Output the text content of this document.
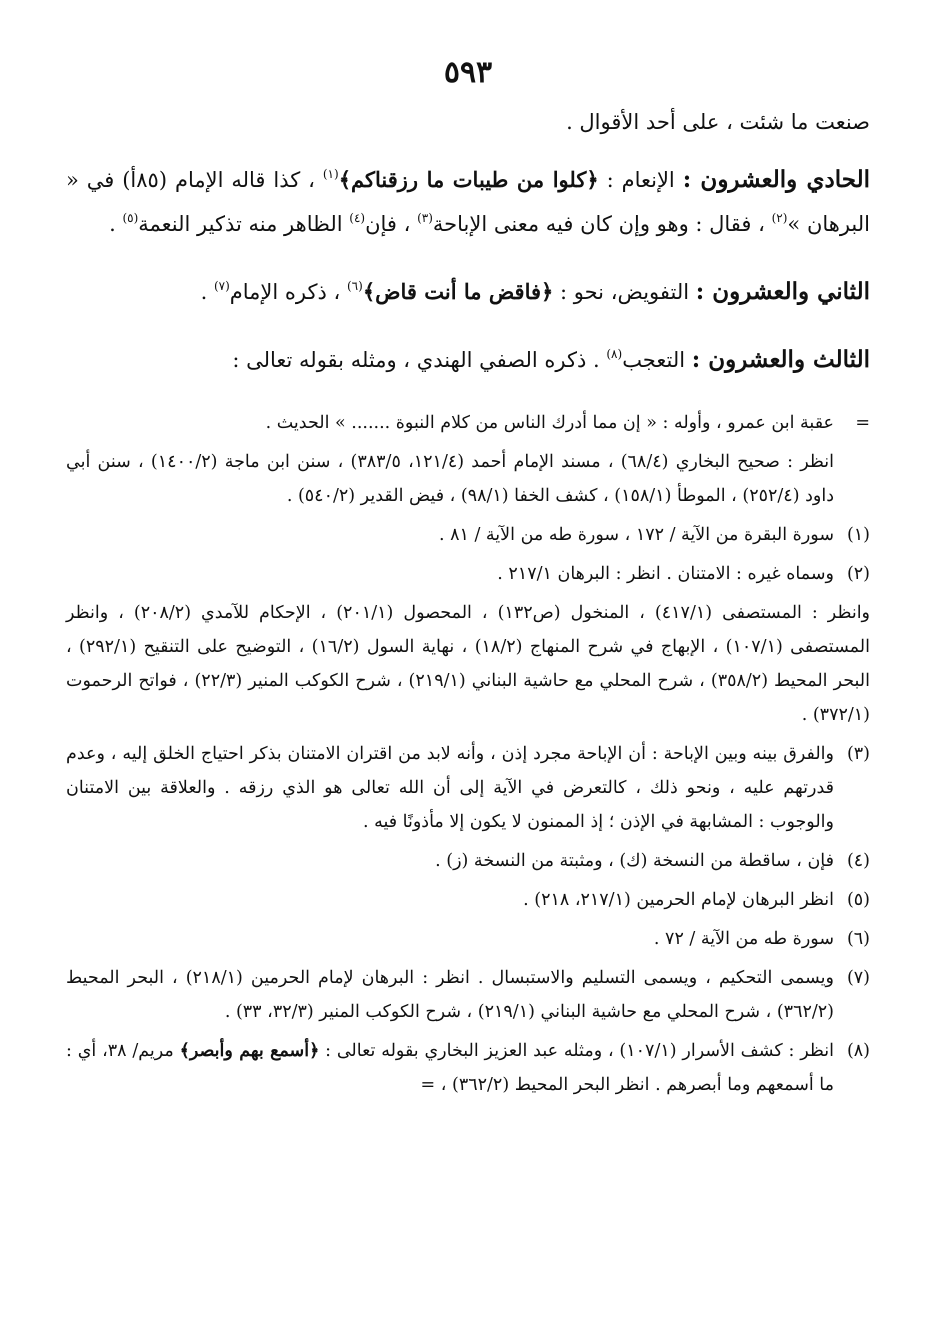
٥٩٣

صنعت ما شئت ، على أحد الأقوال .

الحادي والعشرون : الإنعام : ﴿كلوا من طيبات ما رزقناكم﴾$^{(١)}$ ، كذا قاله الإمام (٨٥أ) في « البرهان »$^{(٢)}$ ، فقال : وهو وإن كان فيه معنى الإباحة$^{(٣)}$ ، فإن$^{(٤)}$ الظاهر منه تذكير النعمة$^{(٥)}$ .

الثاني والعشرون : التفويض، نحو : ﴿فاقض ما أنت قاض﴾$^{(٦)}$ ، ذكره الإمام$^{(٧)}$ .

الثالث والعشرون : التعجب$^{(٨)}$ . ذكره الصفي الهندي ، ومثله بقوله تعالى :

=
عقبة ابن عمرو ، وأوله : « إن مما أدرك الناس من كلام النبوة ....... » الحديث .
انظر : صحيح البخاري (٦٨/٤) ، مسند الإمام أحمد (١٢١/٤، ٣٨٣/٥) ، سنن ابن ماجة (١٤٠٠/٢) ، سنن أبي داود (٢٥٢/٤) ، الموطأ (١٥٨/١) ، كشف الخفا (٩٨/١) ، فيض القدير (٥٤٠/٢) .
(١)
سورة البقرة من الآية / ١٧٢ ، سورة طه من الآية / ٨١ .
(٢)
وسماه غيره : الامتنان . انظر : البرهان ٢١٧/١ .
وانظر : المستصفى (٤١٧/١) ، المنخول (ص١٣٢) ، المحصول (٢٠١/١) ، الإحكام للآمدي (٢٠٨/٢) ، وانظر المستصفى (١٠٧/١) ، الإبهاج في شرح المنهاج (١٨/٢) ، نهاية السول (١٦/٢) ، التوضيح على التنقيح (٢٩٢/١) ، البحر المحيط (٣٥٨/٢) ، شرح المحلي مع حاشية البناني (٢١٩/١) ، شرح الكوكب المنير (٢٢/٣) ، فواتح الرحموت (٣٧٢/١) .
(٣)
والفرق بينه وبين الإباحة : أن الإباحة مجرد إذن ، وأنه لابد من اقتران الامتنان بذكر احتياج الخلق إليه ، وعدم قدرتهم عليه ، ونحو ذلك ، كالتعرض في الآية إلى أن الله تعالى هو الذي رزقه . والعلاقة بين الامتنان والوجوب : المشابهة في الإذن ؛ إذ الممنون لا يكون إلا مأذونًا فيه .
(٤)
فإن ، ساقطة من النسخة (ك) ، ومثبتة من النسخة (ز) .
(٥)
انظر البرهان لإمام الحرمين (٢١٧/١، ٢١٨) .
(٦)
سورة طه من الآية / ٧٢ .
(٧)
ويسمى التحكيم ، ويسمى التسليم والاستبسال . انظر : البرهان لإمام الحرمين (٢١٨/١) ، البحر المحيط (٣٦٢/٢) ، شرح المحلي مع حاشية البناني (٢١٩/١) ، شرح الكوكب المنير (٣٢/٣، ٣٣) .
(٨)
انظر : كشف الأسرار (١٠٧/١) ، ومثله عبد العزيز البخاري بقوله تعالى : ﴿أسمع بهم وأبصر﴾ مريم/ ٣٨، أي : ما أسمعهم وما أبصرهم . انظر البحر المحيط (٣٦٢/٢) ، =
